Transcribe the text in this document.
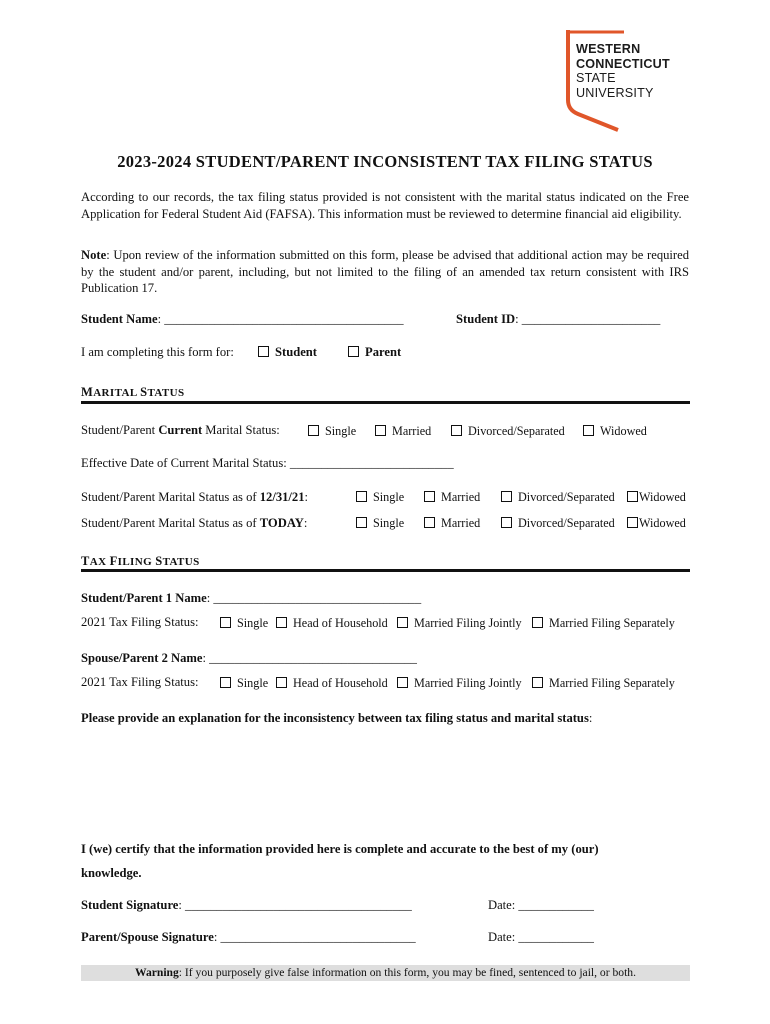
WESTERN
CONNECTICUT
STATE
UNIVERSITY
2023-2024 STUDENT/PARENT INCONSISTENT TAX FILING STATUS

According to our records, the tax filing status provided is not consistent with the marital status indicated on the Free Application for Federal Student Aid (FAFSA). This information must be reviewed to determine financial aid eligibility.

Note: Upon review of the information submitted on this form, please be advised that additional action may be required by the student and/or parent, including, but not limited to the filing of an amended tax return consistent with IRS Publication 17.

Student Name: ______________________________________	Student ID: ______________________
I am completing this form for:	Student	Parent
MARITAL STATUS
Student/Parent Current Marital Status:	Single	Married	Divorced/Separated	Widowed
Effective Date of Current Marital Status: __________________________
Student/Parent Marital Status as of 12/31/21:	Single	Married	Divorced/Separated	Widowed
Student/Parent Marital Status as of TODAY:	Single	Married	Divorced/Separated	Widowed
TAX FILING STATUS
Student/Parent 1 Name: _________________________________
2021 Tax Filing Status:	Single	Head of Household	Married Filing Jointly	Married Filing Separately
Spouse/Parent 2 Name: _________________________________
2021 Tax Filing Status:	Single	Head of Household	Married Filing Jointly	Married Filing Separately
Please provide an explanation for the inconsistency between tax filing status and marital status:
I (we) certify that the information provided here is complete and accurate to the best of my (our)
knowledge.
Student Signature: ____________________________________	Date: ____________
Parent/Spouse Signature: _______________________________	Date: ____________
Warning: If you purposely give false information on this form, you may be fined, sentenced to jail, or both.
